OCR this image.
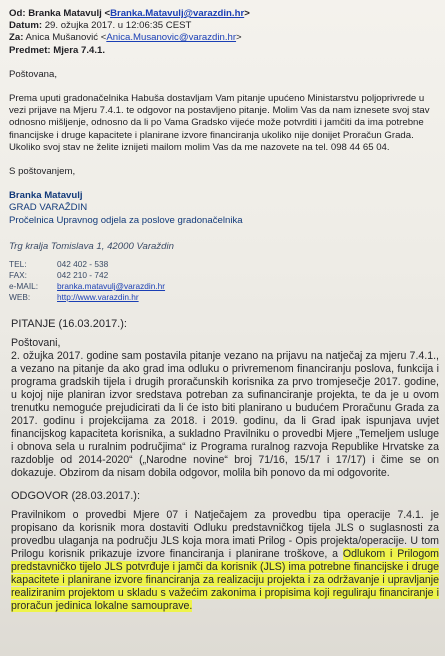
Od: Branka Matavulj <Branka.Matavulj@varazdin.hr>
Datum: 29. ožujka 2017. u 12:06:35 CEST
Za: Anica Mušanović <Anica.Musanovic@varazdin.hr>
Predmet: Mjera 7.4.1.

Poštovana,

Prema uputi gradonačelnika Habuša dostavljam Vam pitanje upućeno Ministarstvu poljoprivrede u vezi prijave na Mjeru 7.4.1. te odgovor na postavljeno pitanje. Molim Vas da nam iznesete svoj stav odnosno mišljenje, odnosno da li po Vama Gradsko vijeće može potvrditi i jamčiti da ima potrebne financijske i druge kapacitete i planirane izvore financiranja ukoliko nije donijet Proračun Grada. Ukoliko svoj stav ne želite iznijeti mailom molim Vas da me nazovete na tel. 098 44 65 04.

S poštovanjem,

Branka Matavulj
GRAD VARAŽDIN
Pročelnica Upravnog odjela za poslove gradonačelnika
Trg kralja Tomislava 1, 42000 Varaždin
TEL:	042 402 - 538
FAX:	042 210 - 742
e-MAIL:	branka.matavulj@varazdin.hr
WEB:	http://www.varazdin.hr
PITANJE (16.03.2017.):
Poštovani,

2. ožujka 2017. godine sam postavila pitanje vezano na prijavu na natječaj za mjeru 7.4.1., a vezano na pitanje da ako grad ima odluku o privremenom financiranju poslova, funkcija i programa gradskih tijela i drugih proračunskih korisnika za prvo tromjesečje 2017. godine, u kojoj nije planiran izvor sredstava potreban za sufinanciranje projekta, te da je u ovom trenutku nemoguće prejudicirati da li će isto biti planirano u budućem Proračunu Grada za 2017. godinu i projekcijama za 2018. i 2019. godinu, da li Grad ipak ispunjava uvjet financijskog kapaciteta korisnika, a sukladno Pravilniku o provedbi Mjere „Temeljem usluge i obnova sela u ruralnim područjima“ iz Programa ruralnog razvoja Republike Hrvatske za razdoblje od 2014-2020“ („Narodne novine“ broj 71/16, 15/17 i 17/17) i čime se on dokazuje. Obzirom da nisam dobila odgovor, molila bih ponovo da mi odgovorite.

ODGOVOR (28.03.2017.):

Pravilnikom o provedbi Mjere 07 i Natječajem za provedbu tipa operacije 7.4.1. je propisano da korisnik mora dostaviti Odluku predstavničkog tijela JLS o suglasnosti za provedbu ulaganja na području JLS koja mora imati Prilog - Opis projekta/operacije. U tom Prilogu korisnik prikazuje izvore financiranja i planirane troškove, a Odlukom i Prilogom predstavničko tijelo JLS potvrđuje i jamči da korisnik (JLS) ima potrebne financijske i druge kapacitete i planirane izvore financiranja za realizaciju projekta i za održavanje i upravljanje realiziranim projektom u skladu s važećim zakonima i propisima koji reguliraju financiranje i proračun jedinica lokalne samouprave.
